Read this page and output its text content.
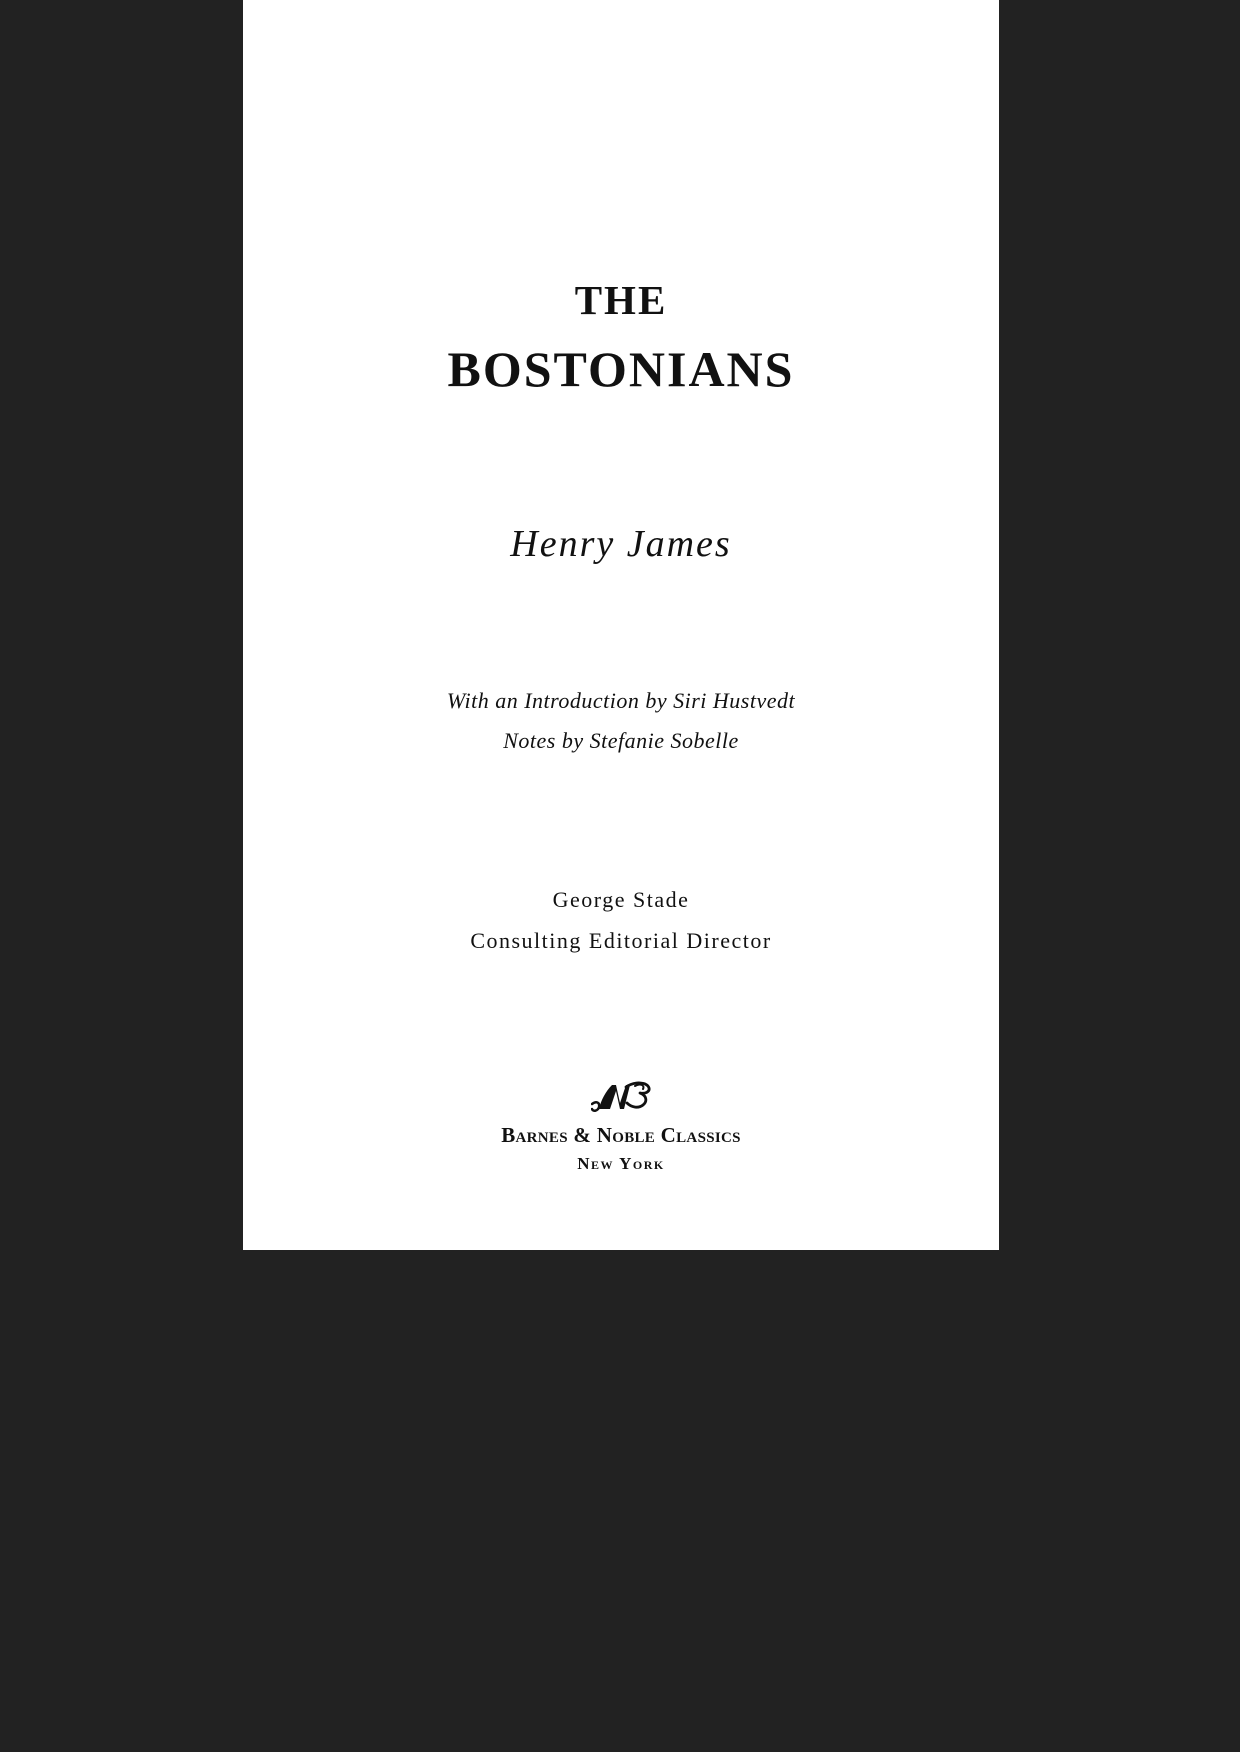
THE

BOSTONIANS

Henry James

With an Introduction by Siri Hustvedt

Notes by Stefanie Sobelle

George Stade

Consulting Editorial Director

Barnes & Noble Classics

New York
